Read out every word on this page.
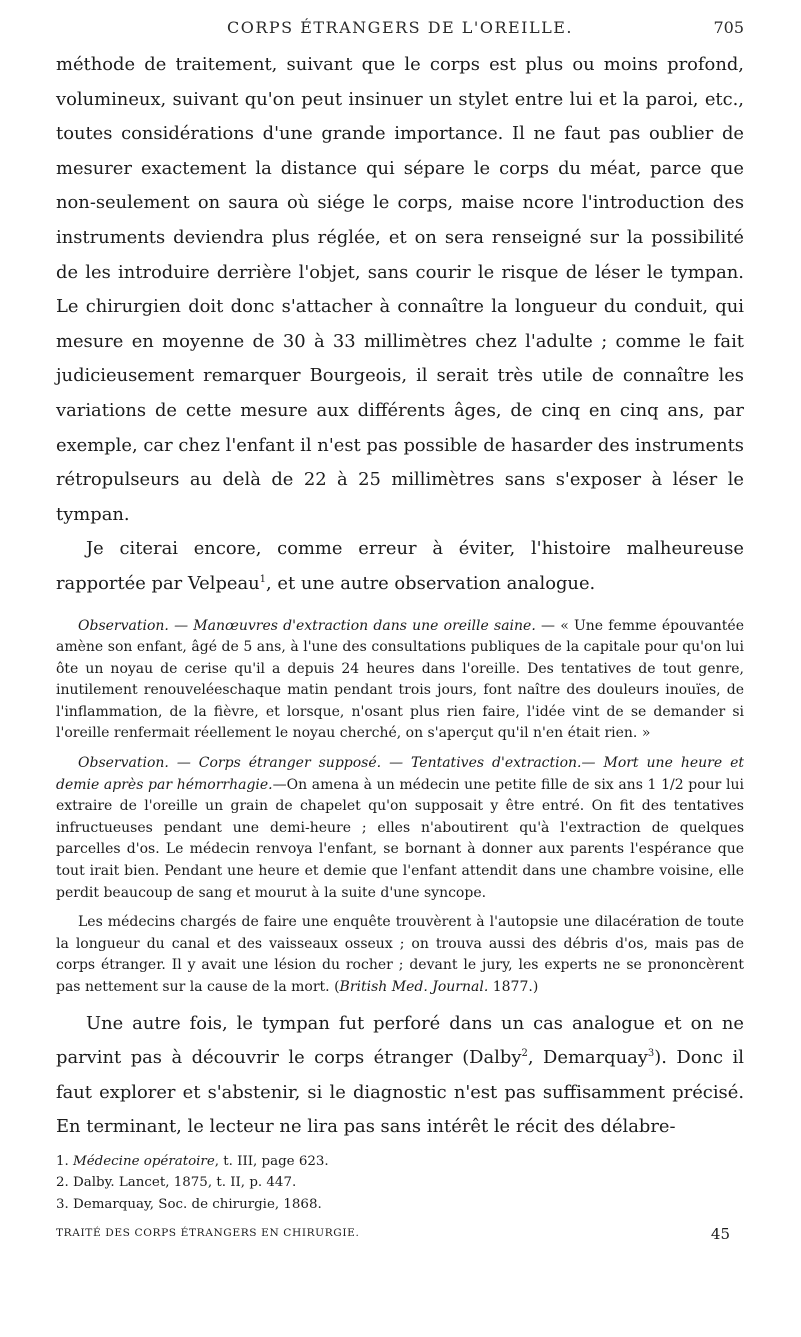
CORPS ÉTRANGERS DE L'OREILLE.	705

méthode de traitement, suivant que le corps est plus ou moins profond, volumineux, suivant qu'on peut insinuer un stylet entre lui et la paroi, etc., toutes considérations d'une grande importance. Il ne faut pas oublier de mesurer exactement la distance qui sépare le corps du méat, parce que non-seulement on saura où siége le corps, maise ncore l'introduction des instruments deviendra plus réglée, et on sera renseigné sur la possibilité de les introduire derrière l'objet, sans courir le risque de léser le tympan. Le chirurgien doit donc s'attacher à connaître la longueur du conduit, qui mesure en moyenne de 30 à 33 millimètres chez l'adulte ; comme le fait judicieusement remarquer Bourgeois, il serait très utile de connaître les variations de cette mesure aux différents âges, de cinq en cinq ans, par exemple, car chez l'enfant il n'est pas possible de hasarder des instruments rétropulseurs au delà de 22 à 25 millimètres sans s'exposer à léser le tympan.

Je citerai encore, comme erreur à éviter, l'histoire malheureuse rapportée par Velpeau$^1$, et une autre observation analogue.

Observation. — Manœuvres d'extraction dans une oreille saine. — « Une femme épouvantée amène son enfant, âgé de 5 ans, à l'une des consultations publiques de la capitale pour qu'on lui ôte un noyau de cerise qu'il a depuis 24 heures dans l'oreille. Des tentatives de tout genre, inutilement renouveléeschaque matin pendant trois jours, font naître des douleurs inouïes, de l'inflammation, de la fièvre, et lorsque, n'osant plus rien faire, l'idée vint de se demander si l'oreille renfermait réellement le noyau cherché, on s'aperçut qu'il n'en était rien. »

Observation. — Corps étranger supposé. — Tentatives d'extraction.— Mort une heure et demie après par hémorrhagie.—On amena à un médecin une petite fille de six ans 1 1/2 pour lui extraire de l'oreille un grain de chapelet qu'on supposait y être entré. On fit des tentatives infructueuses pendant une demi-heure ; elles n'aboutirent qu'à l'extraction de quelques parcelles d'os. Le médecin renvoya l'enfant, se bornant à donner aux parents l'espérance que tout irait bien. Pendant une heure et demie que l'enfant attendit dans une chambre voisine, elle perdit beaucoup de sang et mourut à la suite d'une syncope.

Les médecins chargés de faire une enquête trouvèrent à l'autopsie une dilacération de toute la longueur du canal et des vaisseaux osseux ; on trouva aussi des débris d'os, mais pas de corps étranger. Il y avait une lésion du rocher ; devant le jury, les experts ne se prononcèrent pas nettement sur la cause de la mort. (British Med. Journal. 1877.)

Une autre fois, le tympan fut perforé dans un cas analogue et on ne parvint pas à découvrir le corps étranger (Dalby$^2$, Demarquay$^3$). Donc il faut explorer et s'abstenir, si le diagnostic n'est pas suffisamment précisé. En terminant, le lecteur ne lira pas sans intérêt le récit des délabre-

1. Médecine opératoire, t. III, page 623.
2. Dalby. Lancet, 1875, t. II, p. 447.
3. Demarquay, Soc. de chirurgie, 1868.
TRAITÉ DES CORPS ÉTRANGERS EN CHIRURGIE.	45
